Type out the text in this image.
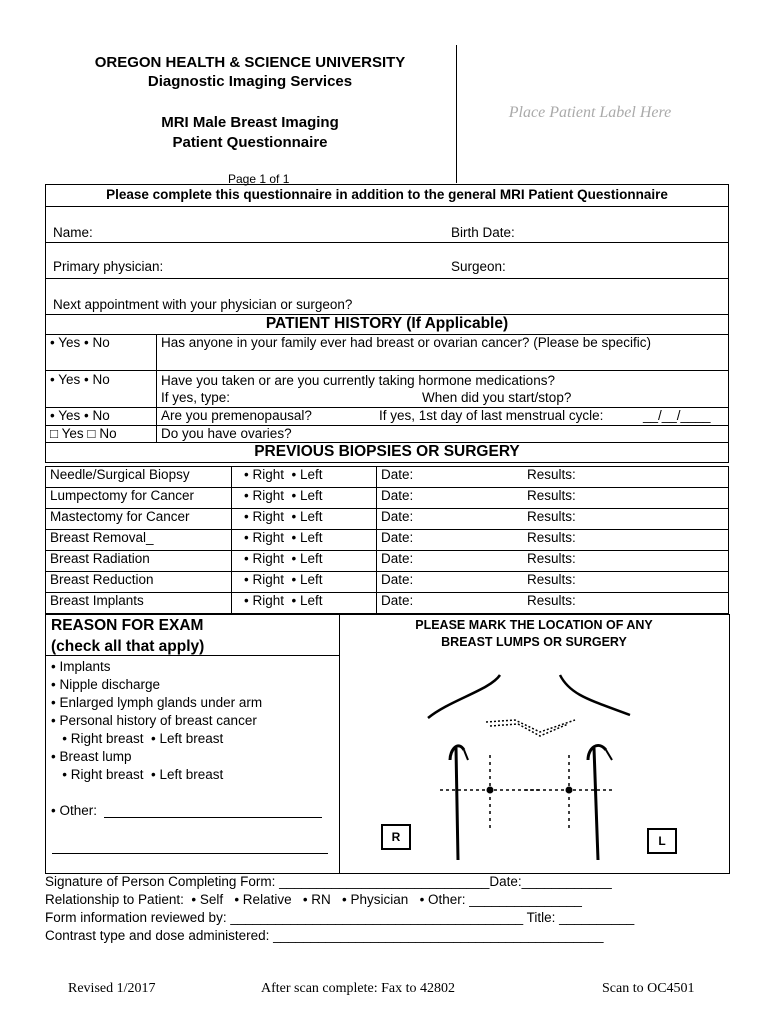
OREGON HEALTH & SCIENCE UNIVERSITY
Diagnostic Imaging Services
MRI Male Breast Imaging
Patient Questionnaire
Page 1 of 1
Place Patient Label Here
Please complete this questionnaire in addition to the general MRI Patient Questionnaire	

Name: Birth Date:	

Primary physician: Surgeon:	

Next appointment with your physician or surgeon?	

PATIENT HISTORY (If Applicable)	
• Yes • No	Has anyone in your family ever had breast or ovarian cancer? (Please be specific)
• Yes • No	Have you taken or are you currently taking hormone medications?
If yes, type: When did you start/stop?

• Yes • No	Are you premenopausal? If yes, 1st day of last menstrual cycle: __/__/____

□ Yes □ No	Do you have ovaries?
PREVIOUS BIOPSIES OR SURGERY	
Needle/Surgical Biopsy	• Right  • Left	Date:	Results:
Lumpectomy for Cancer	• Right  • Left	Date:	Results:
Mastectomy for Cancer	• Right  • Left	Date:	Results:
Breast Removal_	• Right  • Left	Date:	Results:
Breast Radiation	• Right  • Left	Date:	Results:
Breast Reduction	• Right  • Left	Date:	Results:
Breast Implants	• Right  • Left	Date:	Results:
REASON FOR EXAM
(check all that apply)
• Implants
• Nipple discharge
• Enlarged lymph glands under arm
• Personal history of breast cancer
• Right breast  • Left breast
• Breast lump
• Right breast  • Left breast
• Other:
PLEASE MARK THE LOCATION OF ANY
BREAST LUMPS OR SURGERY
R	L
Signature of Person Completing Form: ____________________________Date:____________
Relationship to Patient:  • Self   • Relative   • RN   • Physician   • Other: _______________
Form information reviewed by: _______________________________________ Title: __________
Contrast type and dose administered: ____________________________________________
Revised 1/2017	After scan complete: Fax to 42802	Scan to OC4501
